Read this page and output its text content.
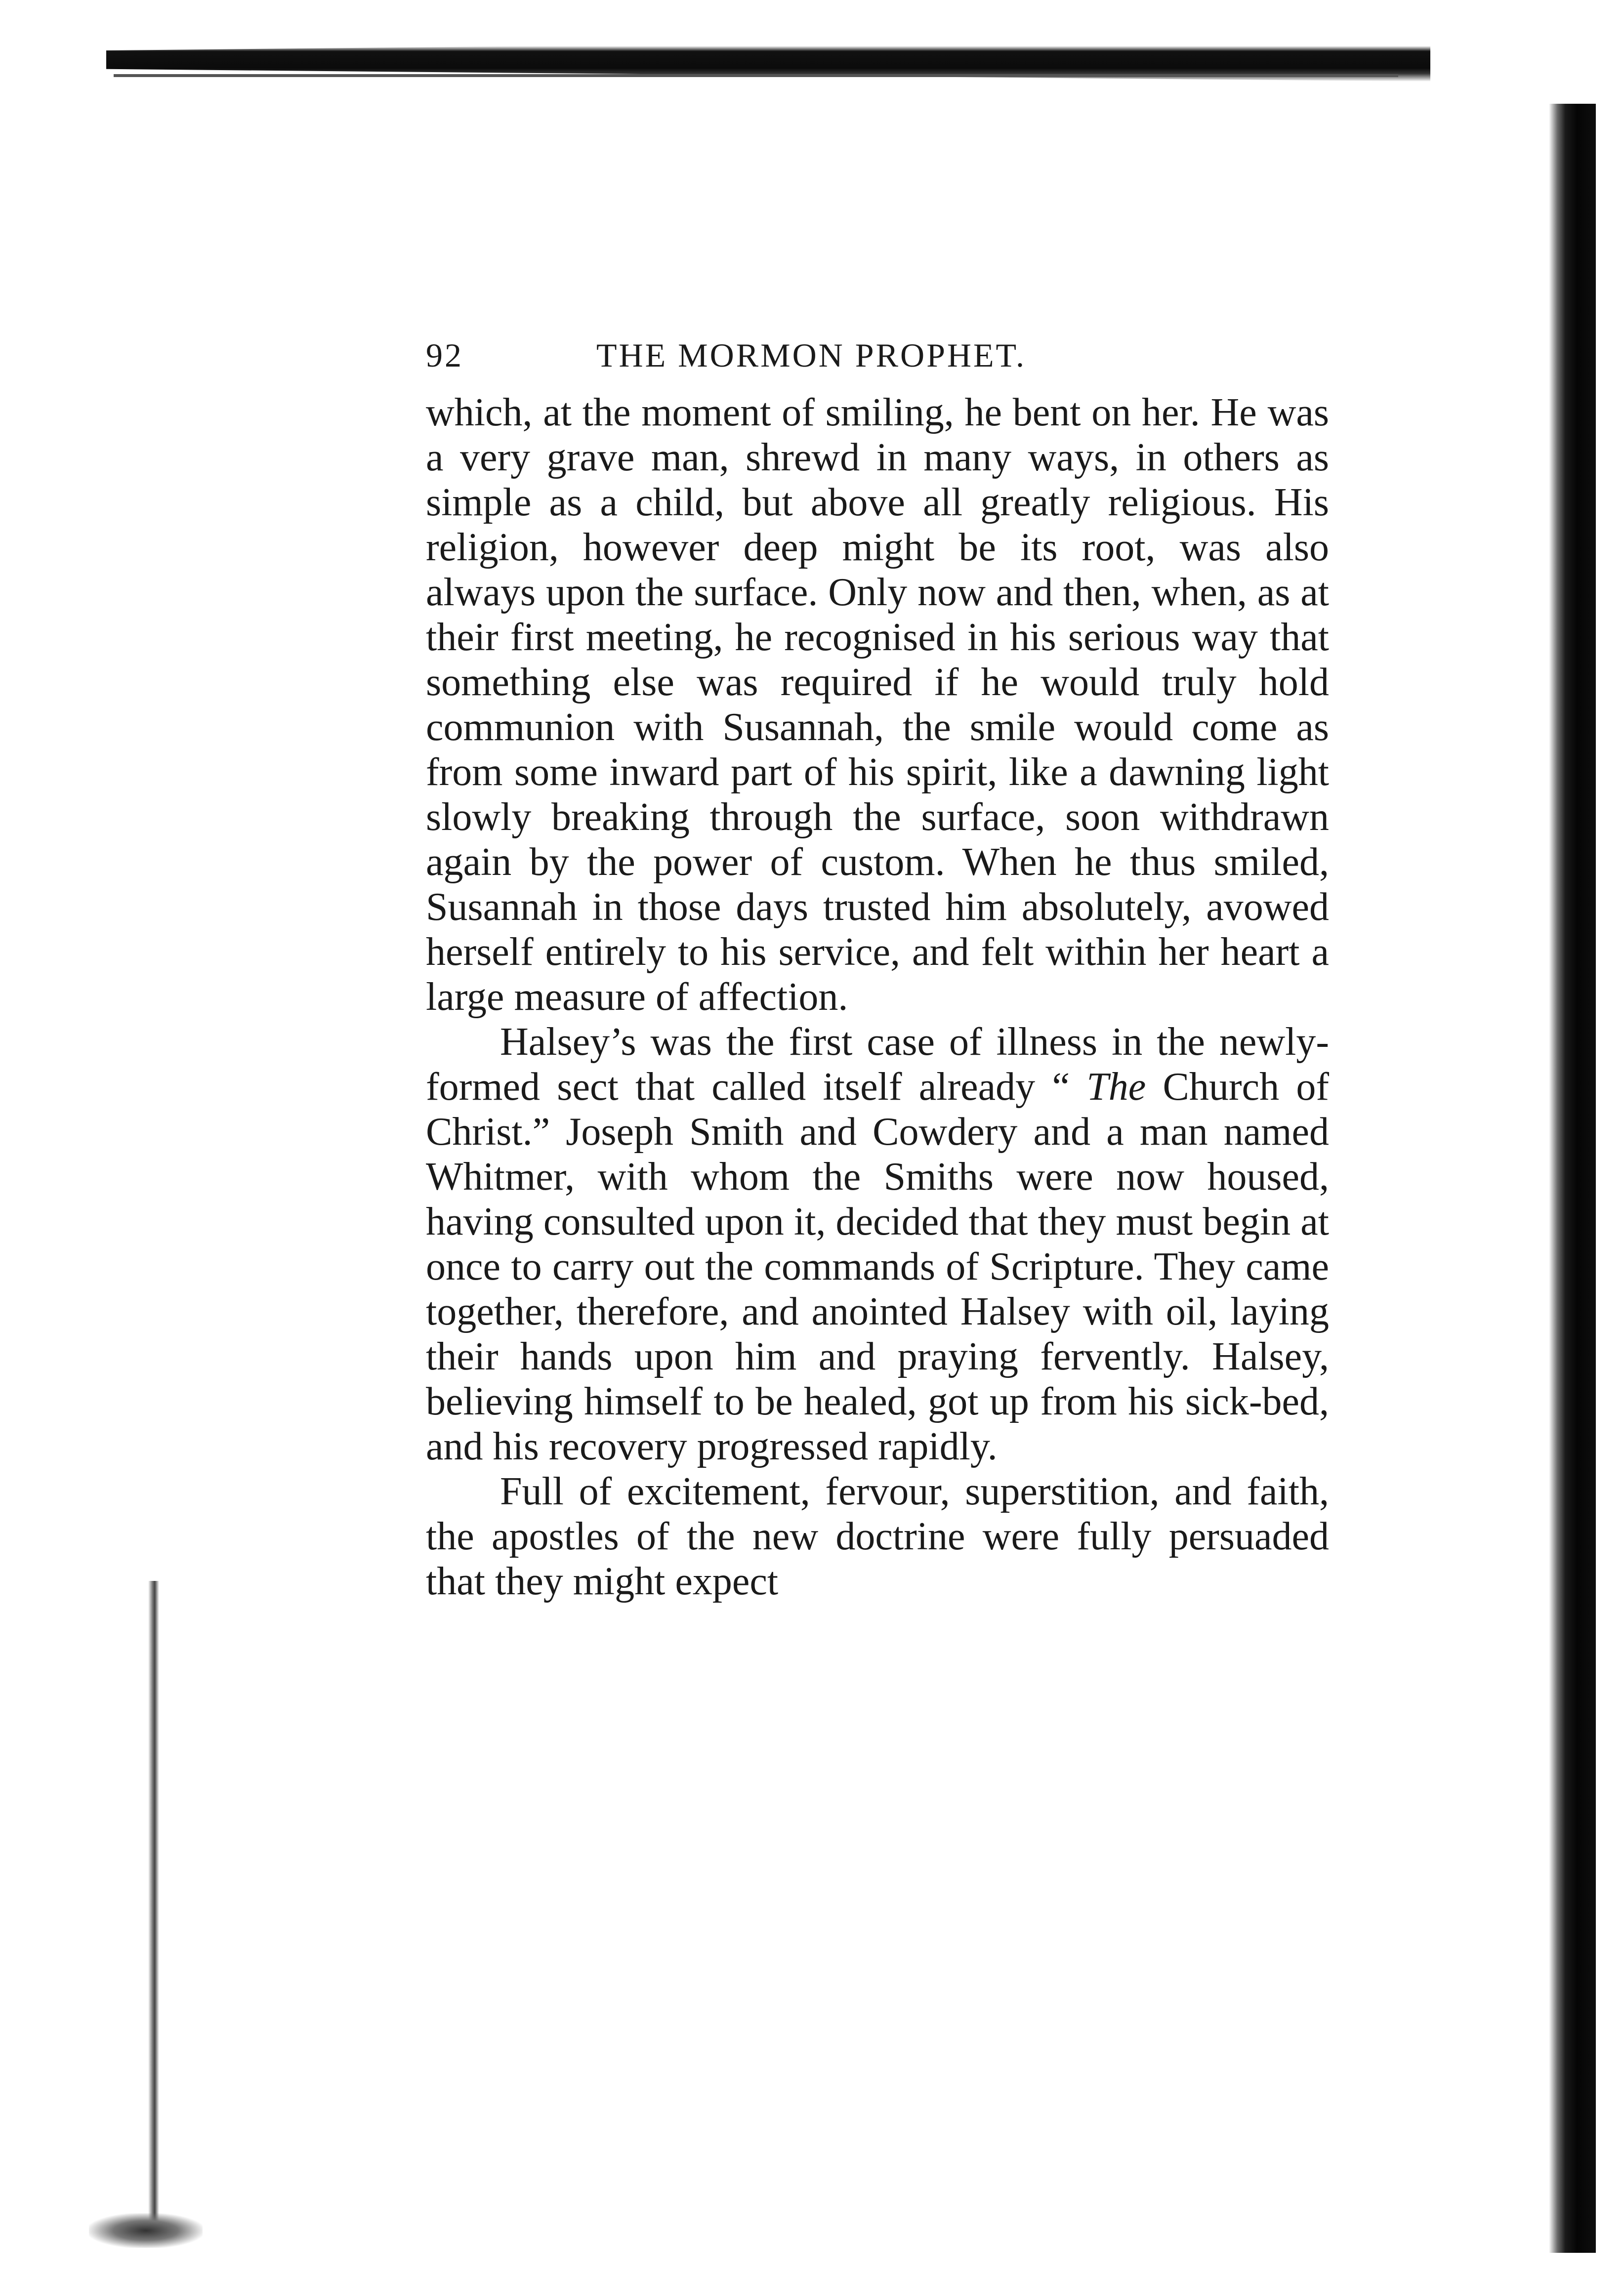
92	THE MORMON PROPHET.

which, at the moment of smiling, he bent on her. He was a very grave man, shrewd in many ways, in others as simple as a child, but above all greatly religious. His religion, however deep might be its root, was also always upon the surface. Only now and then, when, as at their first meeting, he recognised in his serious way that something else was required if he would truly hold communion with Susannah, the smile would come as from some inward part of his spirit, like a dawning light slowly breaking through the surface, soon withdrawn again by the power of custom. When he thus smiled, Susannah in those days trusted him absolutely, avowed herself entirely to his service, and felt within her heart a large measure of affection.

Halsey’s was the first case of illness in the newly-formed sect that called itself already “ The Church of Christ.” Joseph Smith and Cowdery and a man named Whitmer, with whom the Smiths were now housed, having consulted upon it, decided that they must begin at once to carry out the commands of Scripture. They came together, therefore, and anointed Halsey with oil, laying their hands upon him and praying fervently. Halsey, believing himself to be healed, got up from his sick-bed, and his recovery progressed rapidly.

Full of excitement, fervour, superstition, and faith, the apostles of the new doctrine were fully persuaded that they might expect
